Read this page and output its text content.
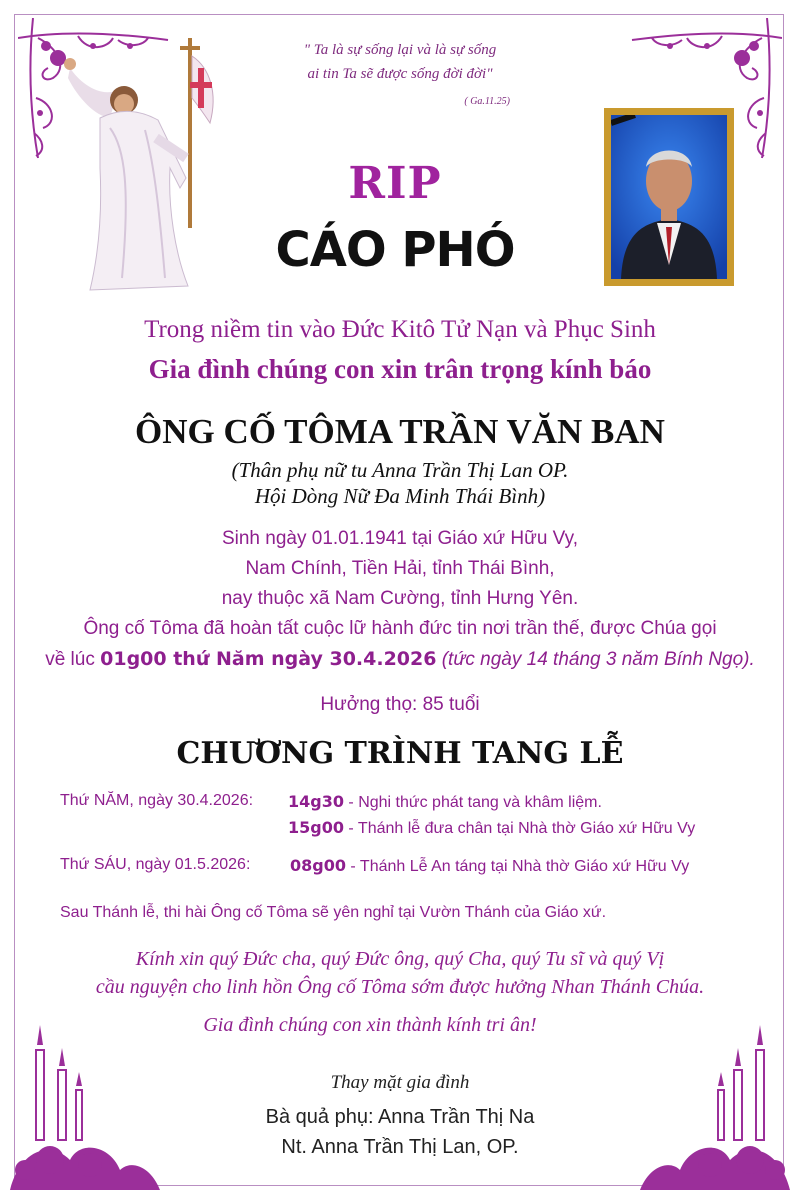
" Ta là sự sống lại và là sự sống
ai tin Ta sẽ được sống đời đời"
( Ga.11.25)
RIP
CÁO PHÓ
Trong niềm tin vào Đức Kitô Tử Nạn và Phục Sinh
Gia đình chúng con xin trân trọng kính báo
ÔNG CỐ TÔMA TRẦN VĂN BAN
(Thân phụ nữ tu Anna Trần Thị Lan OP.
Hội Dòng Nữ Đa Minh Thái Bình)
Sinh ngày 01.01.1941 tại Giáo xứ Hữu Vy,
Nam Chính, Tiền Hải, tỉnh Thái Bình,
nay thuộc xã Nam Cường, tỉnh Hưng Yên.
Ông cố Tôma đã hoàn tất cuộc lữ hành đức tin nơi trần thế, được Chúa gọi
về lúc 01g00 thứ Năm ngày 30.4.2026 (tức ngày 14 tháng 3 năm Bính Ngọ).
Hưởng thọ: 85 tuổi
CHƯƠNG TRÌNH TANG LỄ
Thứ NĂM, ngày 30.4.2026: 14g30 - Nghi thức phát tang và khâm liệm.
15g00 - Thánh lễ đưa chân tại Nhà thờ Giáo xứ Hữu Vy
Thứ SÁU, ngày 01.5.2026: 08g00 - Thánh Lễ An táng tại Nhà thờ Giáo xứ Hữu Vy
Sau Thánh lễ, thi hài Ông cố Tôma sẽ yên nghỉ tại Vườn Thánh của Giáo xứ.
Kính xin quý Đức cha, quý Đức ông, quý Cha, quý Tu sĩ và quý Vị
cầu nguyện cho linh hồn Ông cố Tôma sớm được hưởng Nhan Thánh Chúa.
Gia đình chúng con xin thành kính tri ân!
Thay mặt gia đình
Bà quả phụ: Anna Trần Thị Na
Nt. Anna Trần Thị Lan, OP.
